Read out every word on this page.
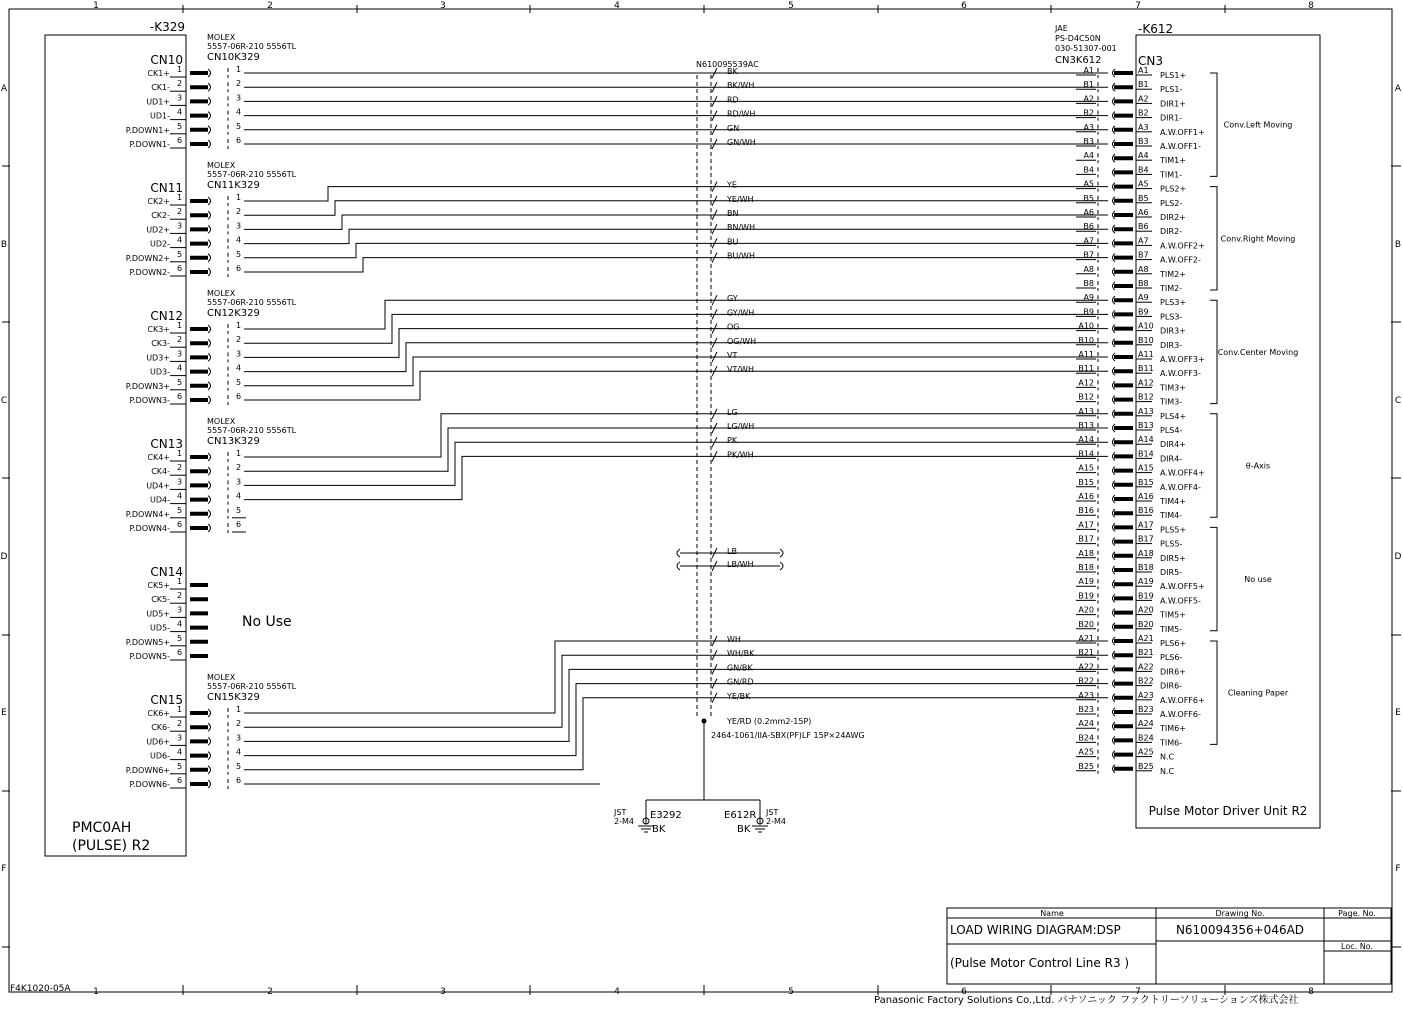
1
1
2
2
3
3
4
4
5
5
6
6
7
7
8
8
A	A
B	B
C	C
D	D
E	E
F	F
-K329
PMC0AH
(PULSE) R2
CN10
MOLEX
5557-06R-210 5556TL
CN10K329
CK1+ 1	1
CK1- 2	2
UD1+ 3	3
UD1- 4	4
P.DOWN1+ 5	5
P.DOWN1- 6	6
CN11
MOLEX
5557-06R-210 5556TL
CN11K329
CK2+ 1	1
CK2- 2	2
UD2+ 3	3
UD2- 4	4
P.DOWN2+ 5	5
P.DOWN2- 6	6
CN12
MOLEX
5557-06R-210 5556TL
CN12K329
CK3+ 1	1
CK3- 2	2
UD3+ 3	3
UD3- 4	4
P.DOWN3+ 5	5
P.DOWN3- 6	6
CN13
MOLEX
5557-06R-210 5556TL
CN13K329
CK4+ 1	1
CK4- 2	2
UD4+ 3	3
UD4- 4	4
P.DOWN4+ 5	5
P.DOWN4- 6	6
CN14
CK5+ 1
CK5- 2
UD5+ 3
UD5- 4
P.DOWN5+ 5
P.DOWN5- 6
CN15
MOLEX
5557-06R-210 5556TL
CN15K329
CK6+ 1	1
CK6- 2	2
UD6+ 3	3
UD6- 4	4
P.DOWN6+ 5	5
P.DOWN6- 6	6
No Use
N610095539AC
BK
BK/WH
RD
RD/WH
GN
GN/WH
YE
YE/WH
BN
BN/WH
BU
BU/WH
GY
GY/WH
OG
OG/WH
VT
VT/WH
LG
LG/WH
PK
PK/WH
LB
LB/WH
WH
WH/BK
GN/BK
GN/RD
YE/BK
YE/RD (0.2mm2-15P)
2464-1061/IIA-SBX(PF)LF 15P×24AWG
-K612
CN3
JAE
PS-D4C50N
030-51307-001
CN3K612
Pulse Motor Driver Unit R2
A1	A1
PLS1+
B1	B1
PLS1-
A2	A2
DIR1+
B2	B2
DIR1-
A3	A3
A.W.OFF1+
B3	B3
A.W.OFF1-
A4	A4
TIM1+
B4	B4
TIM1-
A5	A5
PLS2+
B5	B5
PLS2-
A6	A6
DIR2+
B6	B6
DIR2-
A7	A7
A.W.OFF2+
B7	B7
A.W.OFF2-
A8	A8
TIM2+
B8	B8
TIM2-
A9	A9
PLS3+
B9	B9
PLS3-
A10	A10
DIR3+
B10	B10
DIR3-
A11	A11
A.W.OFF3+
B11	B11
A.W.OFF3-
A12	A12
TIM3+
B12	B12
TIM3-
A13	A13
PLS4+
B13	B13
PLS4-
A14	A14
DIR4+
B14	B14
DIR4-
A15	A15
A.W.OFF4+
B15	B15
A.W.OFF4-
A16	A16
TIM4+
B16	B16
TIM4-
A17	A17
PLS5+
B17	B17
PLS5-
A18	A18
DIR5+
B18	B18
DIR5-
A19	A19
A.W.OFF5+
B19	B19
A.W.OFF5-
A20	A20
TIM5+
B20	B20
TIM5-
A21	A21
PLS6+
B21	B21
PLS6-
A22	A22
DIR6+
B22	B22
DIR6-
A23	A23
A.W.OFF6+
B23	B23
A.W.OFF6-
A24	A24
TIM6+
B24	B24
TIM6-
A25	A25
N.C
B25	B25
N.C
Conv.Left Moving
Conv.Right Moving
Conv.Center Moving
θ-Axis
No use
Cleaning Paper
JST
2-M4
E3292
BK
JST
2-M4
E612R
BK
Name	Drawing No.	Page. No.
Loc. No.
LOAD WIRING DIAGRAM:DSP
(Pulse Motor Control Line R3 )
N610094356+046AD
F4K1020-05A
Panasonic Factory Solutions Co.,Ltd. パナソニック ファクトリーソリューションズ株式会社
